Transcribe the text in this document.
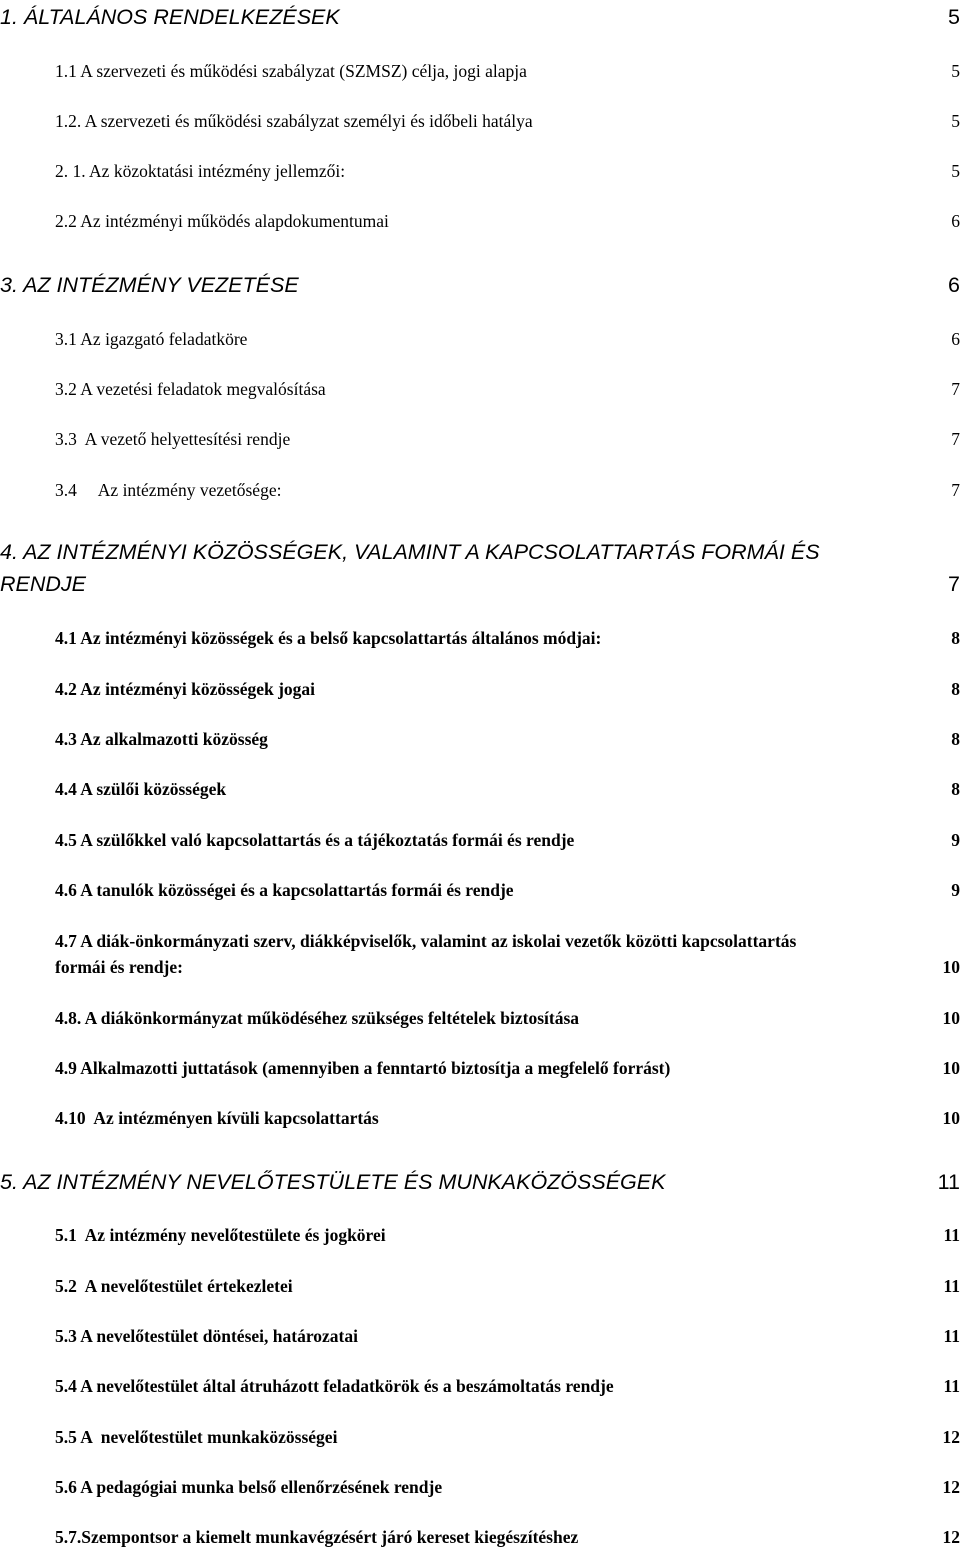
1. ÁLTALÁNOS RENDELKEZÉSEK	5
1.1 A szervezeti és működési szabályzat (SZMSZ) célja, jogi alapja	5
1.2. A szervezeti és működési szabályzat személyi és időbeli hatálya	5
2. 1. Az közoktatási intézmény jellemzői:	5
2.2 Az intézményi működés alapdokumentumai	6
3. AZ INTÉZMÉNY VEZETÉSE	6
3.1 Az igazgató feladatköre	6
3.2 A vezetési feladatok megvalósítása	7
3.3  A vezető helyettesítési rendje	7
3.4     Az intézmény vezetősége:	7
4. AZ INTÉZMÉNYI KÖZÖSSÉGEK, VALAMINT A KAPCSOLATTARTÁS FORMÁI ÉS
RENDJE	7
4.1 Az intézményi közösségek és a belső kapcsolattartás általános módjai:	8
4.2 Az intézményi közösségek jogai	8
4.3 Az alkalmazotti közösség	8
4.4 A szülői közösségek	8
4.5 A szülőkkel való kapcsolattartás és a tájékoztatás formái és rendje	9
4.6 A tanulók közösségei és a kapcsolattartás formái és rendje	9
4.7 A diák-önkormányzati szerv, diákképviselők, valamint az iskolai vezetők közötti kapcsolattartás
formái és rendje:	10
4.8. A diákönkormányzat működéséhez szükséges feltételek biztosítása	10
4.9 Alkalmazotti juttatások (amennyiben a fenntartó biztosítja a megfelelő forrást)	10
4.10  Az intézményen kívüli kapcsolattartás	10
5. AZ INTÉZMÉNY NEVELŐTESTÜLETE ÉS MUNKAKÖZÖSSÉGEK	11
5.1  Az intézmény nevelőtestülete és jogkörei	11
5.2  A nevelőtestület értekezletei	11
5.3 A nevelőtestület döntései, határozatai	11
5.4 A nevelőtestület által átruházott feladatkörök és a beszámoltatás rendje	11
5.5 A  nevelőtestület munkaközösségei	12
5.6 A pedagógiai munka belső ellenőrzésének rendje	12
5.7.Szempontsor a kiemelt munkavégzésért járó kereset kiegészítéshez	12
